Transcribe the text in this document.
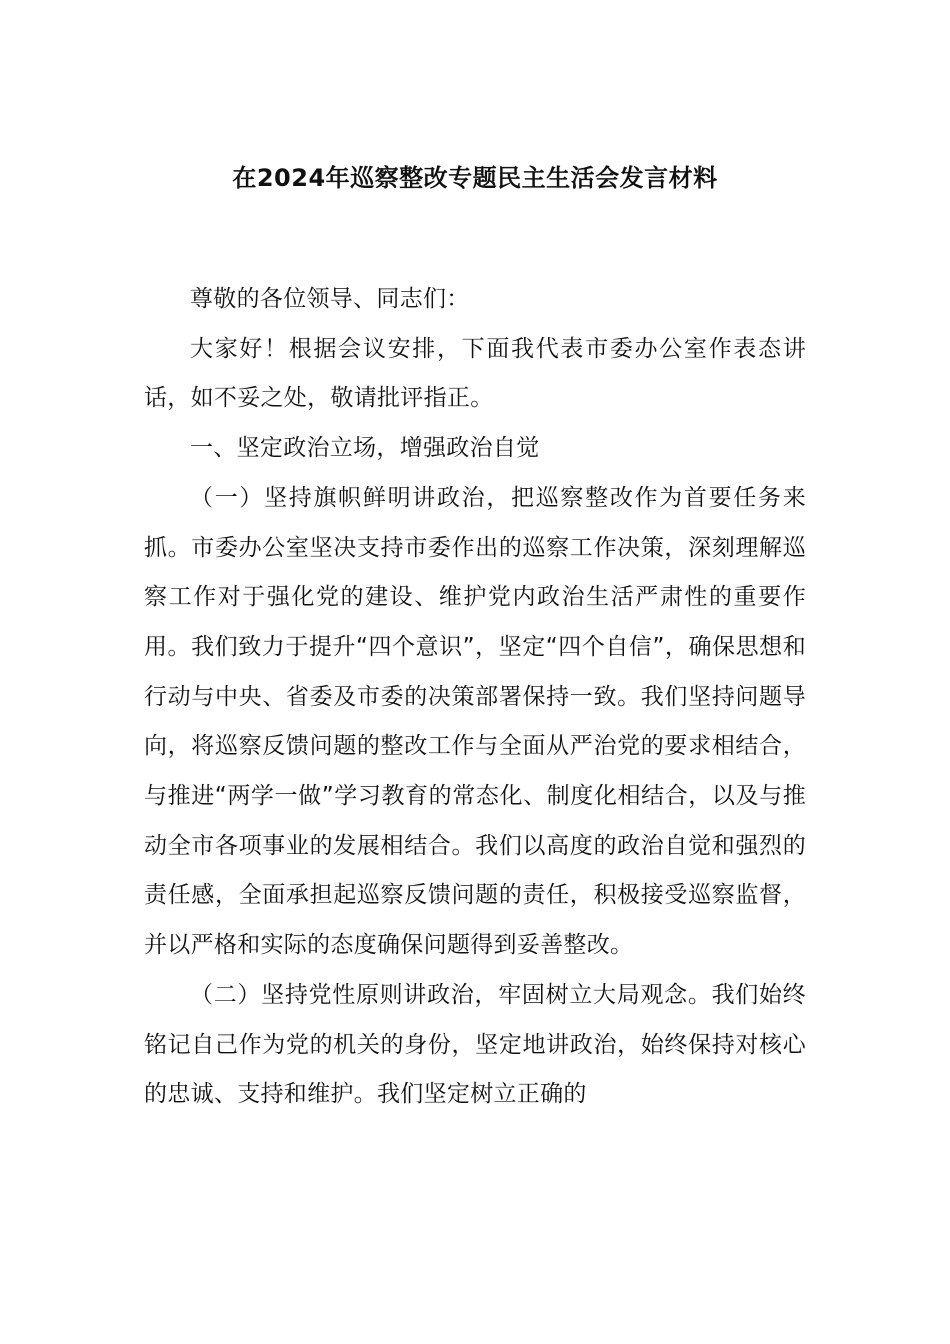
在2024年巡察整改专题民主生活会发言材料

尊敬的各位领导、同志们：

大家好！根据会议安排，下面我代表市委办公室作表态讲话，如不妥之处，敬请批评指正。

一、坚定政治立场，增强政治自觉

（一）坚持旗帜鲜明讲政治，把巡察整改作为首要任务来抓。市委办公室坚决支持市委作出的巡察工作决策，深刻理解巡察工作对于强化党的建设、维护党内政治生活严肃性的重要作用。我们致力于提升“四个意识”，坚定“四个自信”，确保思想和行动与中央、省委及市委的决策部署保持一致。我们坚持问题导向，将巡察反馈问题的整改工作与全面从严治党的要求相结合，与推进“两学一做”学习教育的常态化、制度化相结合，以及与推动全市各项事业的发展相结合。我们以高度的政治自觉和强烈的责任感，全面承担起巡察反馈问题的责任，积极接受巡察监督，并以严格和实际的态度确保问题得到妥善整改。

（二）坚持党性原则讲政治，牢固树立大局观念。我们始终铭记自己作为党的机关的身份，坚定地讲政治，始终保持对核心的忠诚、支持和维护。我们坚定树立正确的
